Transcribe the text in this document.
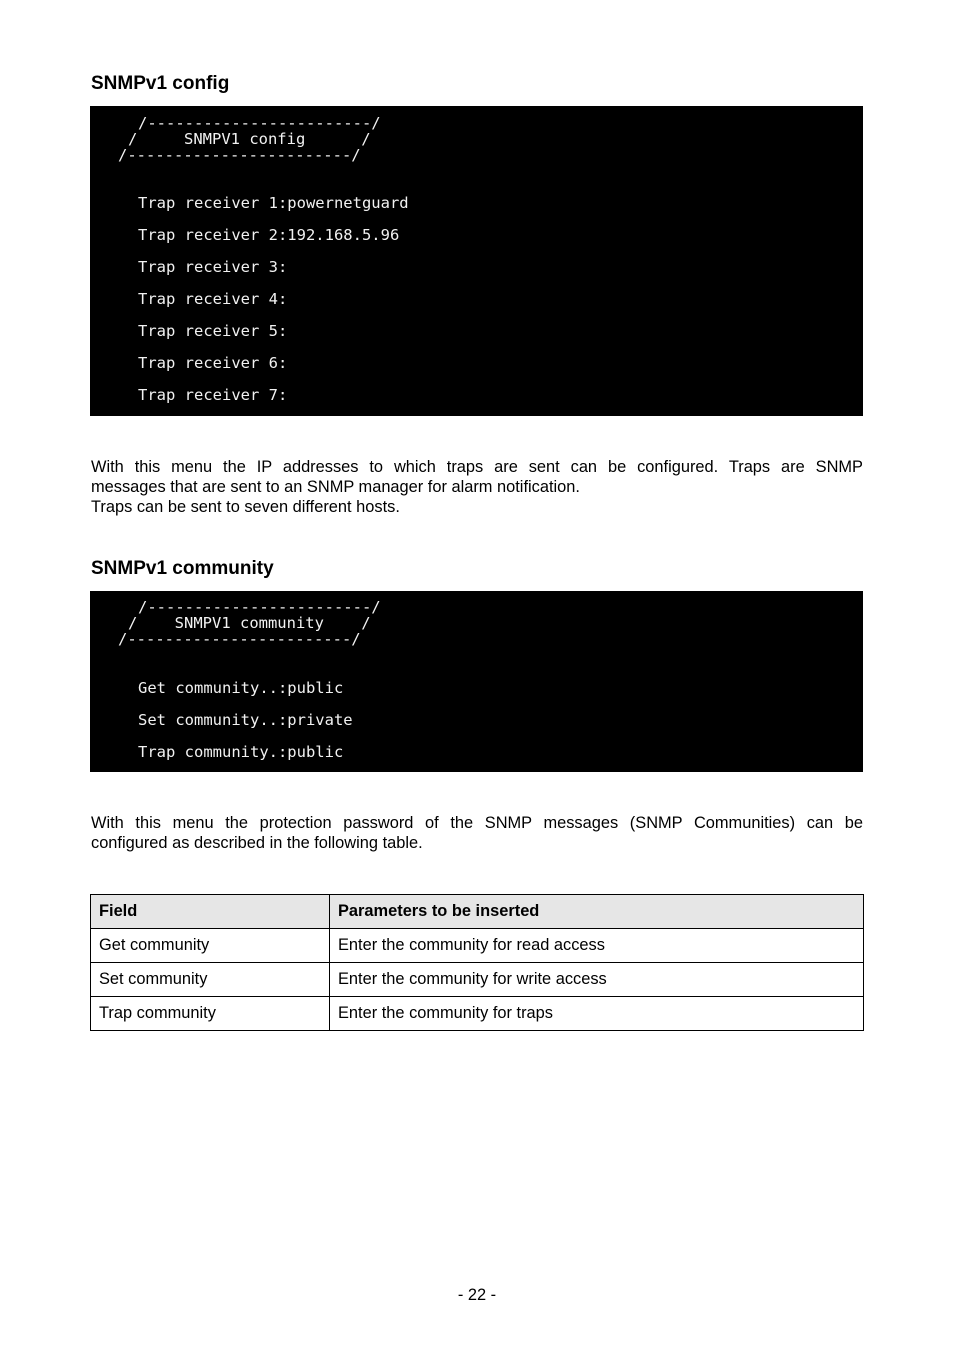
SNMPv1 config
/------------------------/
/     SNMPV1 config      /
/------------------------/
Trap receiver 1:powernetguard
Trap receiver 2:192.168.5.96
Trap receiver 3:
Trap receiver 4:
Trap receiver 5:
Trap receiver 6:
Trap receiver 7:

With this menu the IP addresses to which traps are sent can be configured. Traps are SNMP
messages that are sent to an SNMP manager for alarm notification.
Traps can be sent to seven different hosts.

SNMPv1 community
/------------------------/
/    SNMPV1 community    /
/------------------------/
Get community..:public
Set community..:private
Trap community.:public

With this menu the protection password of the SNMP messages (SNMP Communities) can be
configured as described in the following table.

Field	Parameters to be inserted
Get community	Enter the community for read access
Set community	Enter the community for write access
Trap community	Enter the community for traps
- 22 -
